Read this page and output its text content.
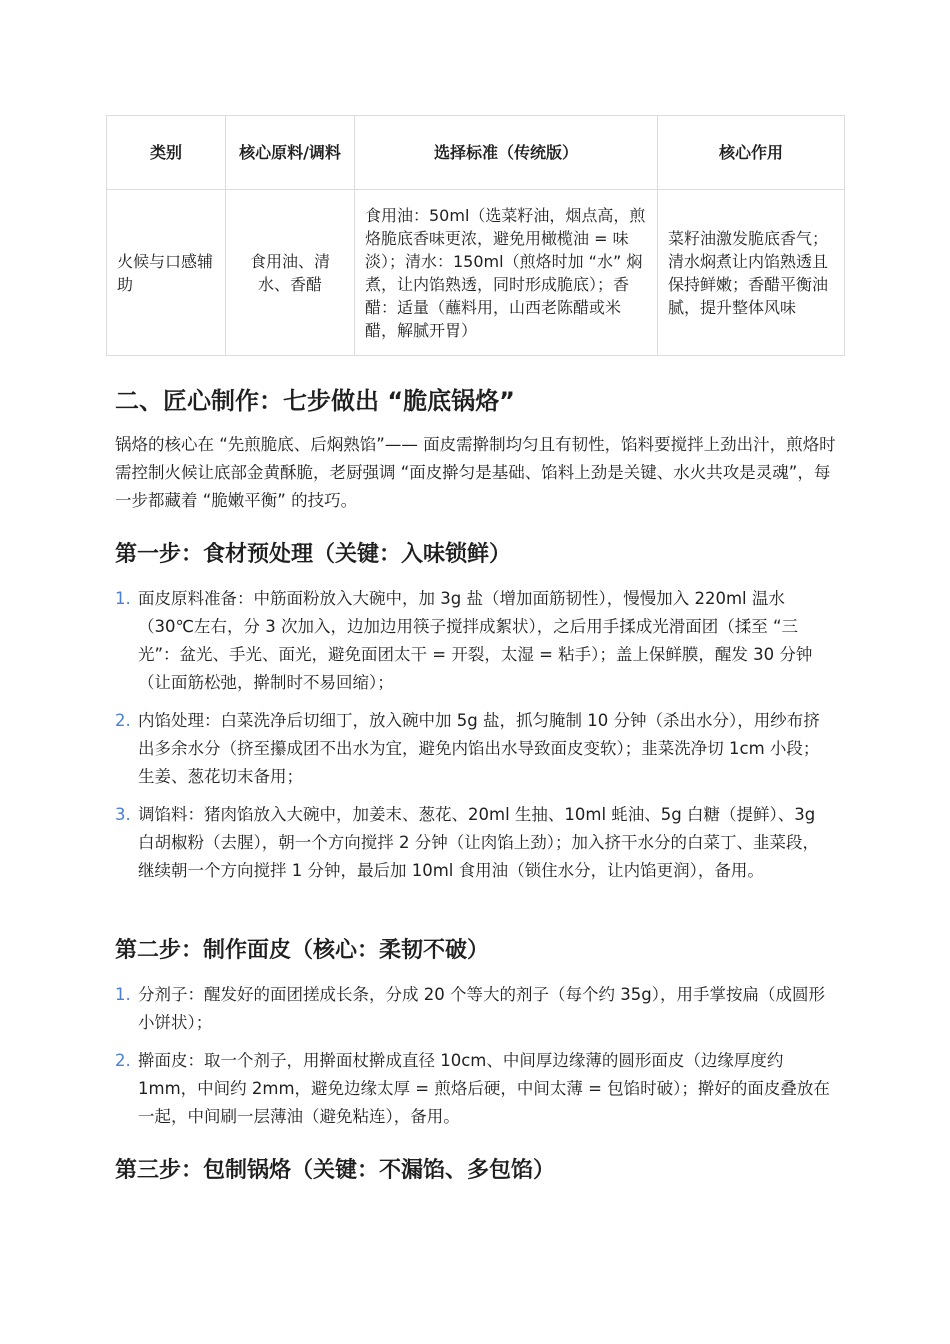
类别	核心原料/调料	选择标准（传统版）	核心作用
火候与口感辅助	食用油、清水、香醋	食用油：50ml（选菜籽油，烟点高，煎烙脆底香味更浓，避免用橄榄油 = 味淡）；清水：150ml（煎烙时加 “水” 焖煮，让内馅熟透，同时形成脆底）；香醋：适量（蘸料用，山西老陈醋或米醋，解腻开胃）	菜籽油激发脆底香气；清水焖煮让内馅熟透且保持鲜嫩；香醋平衡油腻，提升整体风味
二、匠心制作：七步做出 “脆底锅烙”
锅烙的核心在 “先煎脆底、后焖熟馅”—— 面皮需擀制均匀且有韧性，馅料要搅拌上劲出汁，煎烙时需控制火候让底部金黄酥脆，老厨强调 “面皮擀匀是基础、馅料上劲是关键、水火共攻是灵魂”，每一步都藏着 “脆嫩平衡” 的技巧。
第一步：食材预处理（关键：入味锁鲜）
1. 面皮原料准备：中筋面粉放入大碗中，加 3g 盐（增加面筋韧性），慢慢加入 220ml 温水（30℃左右，分 3 次加入，边加边用筷子搅拌成絮状），之后用手揉成光滑面团（揉至 “三光”：盆光、手光、面光，避免面团太干 = 开裂，太湿 = 粘手）；盖上保鲜膜，醒发 30 分钟（让面筋松弛，擀制时不易回缩）；
2. 内馅处理：白菜洗净后切细丁，放入碗中加 5g 盐，抓匀腌制 10 分钟（杀出水分），用纱布挤出多余水分（挤至攥成团不出水为宜，避免内馅出水导致面皮变软）；韭菜洗净切 1cm 小段；生姜、葱花切末备用；
3. 调馅料：猪肉馅放入大碗中，加姜末、葱花、20ml 生抽、10ml 蚝油、5g 白糖（提鲜）、3g 白胡椒粉（去腥），朝一个方向搅拌 2 分钟（让肉馅上劲）；加入挤干水分的白菜丁、韭菜段，继续朝一个方向搅拌 1 分钟，最后加 10ml 食用油（锁住水分，让内馅更润），备用。
第二步：制作面皮（核心：柔韧不破）
1. 分剂子：醒发好的面团搓成长条，分成 20 个等大的剂子（每个约 35g），用手掌按扁（成圆形小饼状）；
2. 擀面皮：取一个剂子，用擀面杖擀成直径 10cm、中间厚边缘薄的圆形面皮（边缘厚度约 1mm，中间约 2mm，避免边缘太厚 = 煎烙后硬，中间太薄 = 包馅时破）；擀好的面皮叠放在一起，中间刷一层薄油（避免粘连），备用。
第三步：包制锅烙（关键：不漏馅、多包馅）
